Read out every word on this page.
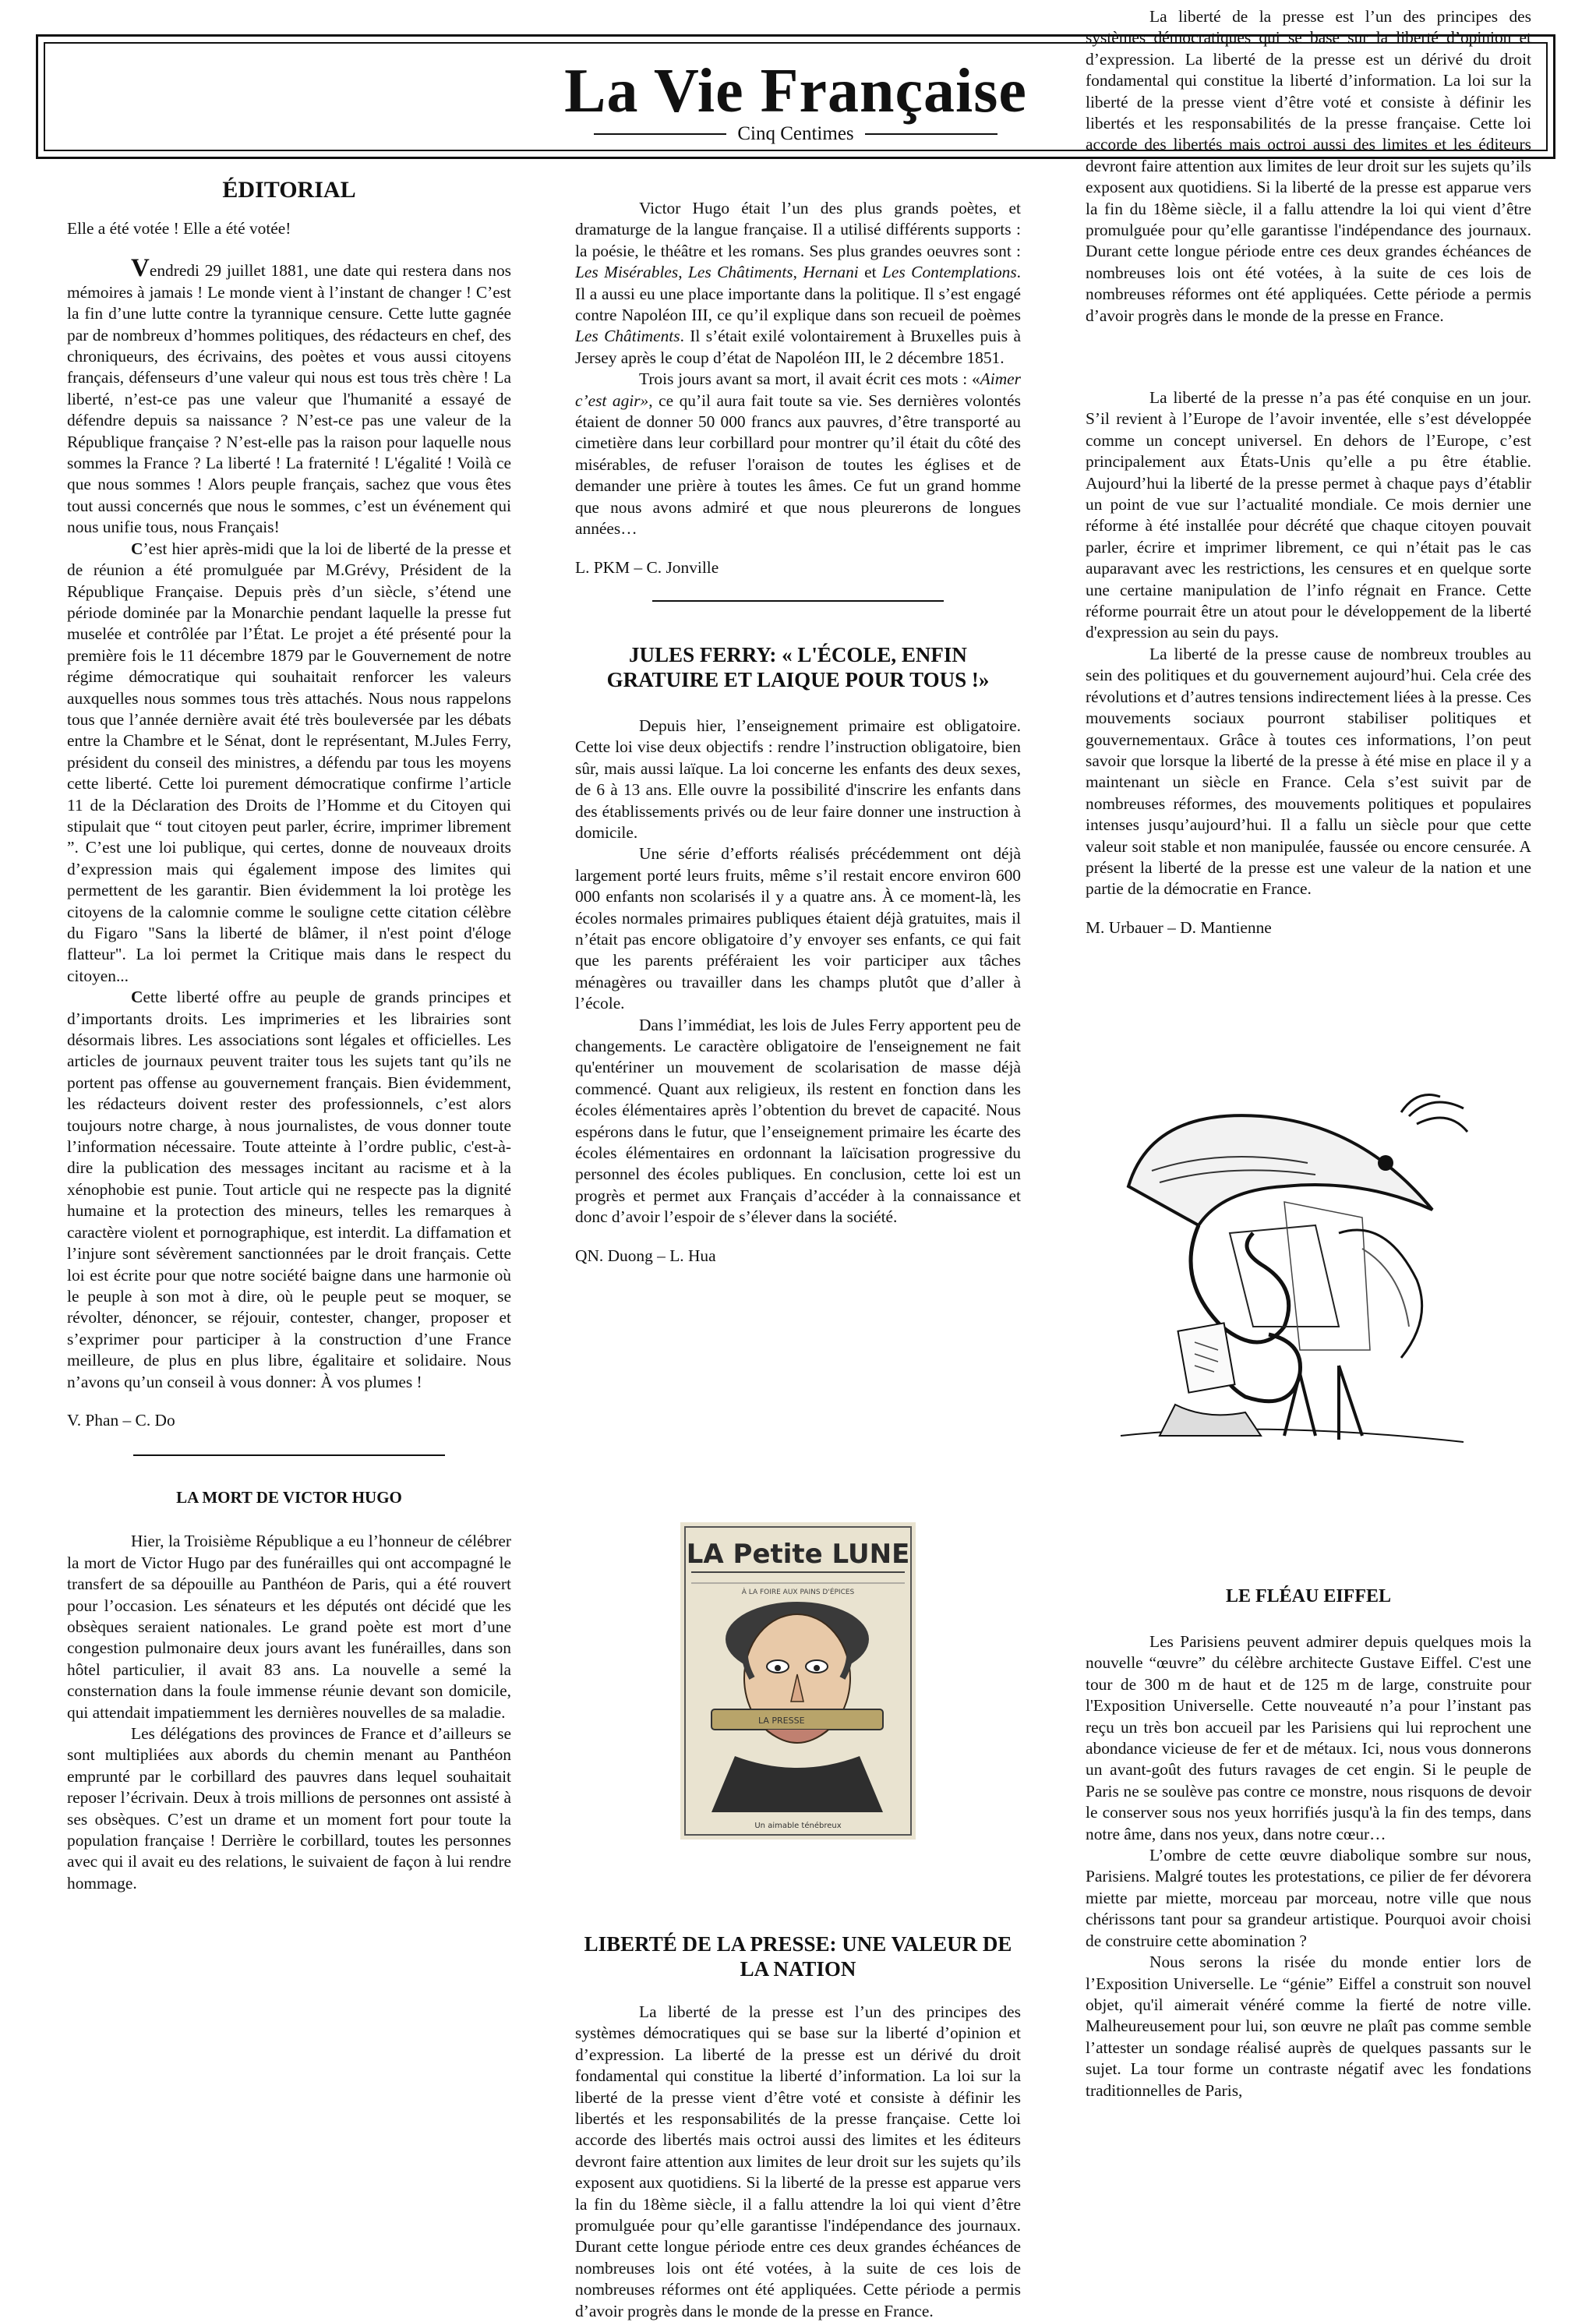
La Vie Française
Cinq Centimes

ÉDITORIAL

Elle a été votée ! Elle a été votée!

Vendredi 29 juillet 1881, une date qui restera dans nos mémoires à jamais ! Le monde vient à l’instant de changer ! C’est la fin d’une lutte contre la tyrannique censure. Cette lutte gagnée par de nombreux d’hommes politiques, des rédacteurs en chef, des chroniqueurs, des écrivains, des poètes et vous aussi citoyens français, défenseurs d’une valeur qui nous est tous très chère ! La liberté, n’est-ce pas une valeur que l'humanité a essayé de défendre depuis sa naissance ? N’est-ce pas une valeur de la République française ? N’est-elle pas la raison pour laquelle nous sommes la France ? La liberté ! La fraternité ! L'égalité ! Voilà ce que nous sommes ! Alors peuple français, sachez que vous êtes tout aussi concernés que nous le sommes, c’est un événement qui nous unifie tous, nous Français!

C’est hier après-midi que la loi de liberté de la presse et de réunion a été promulguée par M.Grévy, Président de la République Française. Depuis près d’un siècle, s’étend une période dominée par la Monarchie pendant laquelle la presse fut muselée et contrôlée par l’État. Le projet a été présenté pour la première fois le 11 décembre 1879 par le Gouvernement de notre régime démocratique qui souhaitait renforcer les valeurs auxquelles nous sommes tous très attachés. Nous nous rappelons tous que l’année dernière avait été très bouleversée par les débats entre la Chambre et le Sénat, dont le représentant, M.Jules Ferry, président du conseil des ministres, a défendu par tous les moyens cette liberté. Cette loi purement démocratique confirme l’article 11 de la Déclaration des Droits de l’Homme et du Citoyen qui stipulait que “ tout citoyen peut parler, écrire, imprimer librement ”. C’est une loi publique, qui certes, donne de nouveaux droits d’expression mais qui également impose des limites qui permettent de les garantir. Bien évidemment la loi protège les citoyens de la calomnie comme le souligne cette citation célèbre du Figaro "Sans la liberté de blâmer, il n'est point d'éloge flatteur". La loi permet la Critique mais dans le respect du citoyen...

Cette liberté offre au peuple de grands principes et d’importants droits. Les imprimeries et les librairies sont désormais libres. Les associations sont légales et officielles. Les articles de journaux peuvent traiter tous les sujets tant qu’ils ne portent pas offense au gouvernement français. Bien évidemment, les rédacteurs doivent rester des professionnels, c’est alors toujours notre charge, à nous journalistes, de vous donner toute l’information nécessaire. Toute atteinte à l’ordre public, c'est-à-dire la publication des messages incitant au racisme et à la xénophobie est punie. Tout article qui ne respecte pas la dignité humaine et la protection des mineurs, telles les remarques à caractère violent et pornographique, est interdit. La diffamation et l’injure sont sévèrement sanctionnées par le droit français. Cette loi est écrite pour que notre société baigne dans une harmonie où le peuple à son mot à dire, où le peuple peut se moquer, se révolter, dénoncer, se réjouir, contester, changer, proposer et s’exprimer pour participer à la construction d’une France meilleure, de plus en plus libre, égalitaire et solidaire. Nous n’avons qu’un conseil à vous donner: À vos plumes !

V. Phan – C. Do

LA MORT DE VICTOR HUGO

Hier, la Troisième République a eu l’honneur de célébrer la mort de Victor Hugo par des funérailles qui ont accompagné le transfert de sa dépouille au Panthéon de Paris, qui a été rouvert pour l’occasion. Les sénateurs et les députés ont décidé que les obsèques seraient nationales. Le grand poète est mort d’une congestion pulmonaire deux jours avant les funérailles, dans son hôtel particulier, il avait 83 ans. La nouvelle a semé la consternation dans la foule immense réunie devant son domicile, qui attendait impatiemment les dernières nouvelles de sa maladie.

Les délégations des provinces de France et d’ailleurs se sont multipliées aux abords du chemin menant au Panthéon emprunté par le corbillard des pauvres dans lequel souhaitait reposer l’écrivain. Deux à trois millions de personnes ont assisté à ses obsèques. C’est un drame et un moment fort pour toute la population française ! Derrière le corbillard, toutes les personnes avec qui il avait eu des relations, le suivaient de façon à lui rendre hommage.

Victor Hugo était l’un des plus grands poètes, et dramaturge de la langue française. Il a utilisé différents supports : la poésie, le théâtre et les romans. Ses plus grandes oeuvres sont : Les Misérables, Les Châtiments, Hernani et Les Contemplations. Il a aussi eu une place importante dans la politique. Il s’est engagé contre Napoléon III, ce qu’il explique dans son recueil de poèmes Les Châtiments. Il s’était exilé volontairement à Bruxelles puis à Jersey après le coup d’état de Napoléon III, le 2 décembre 1851.

Trois jours avant sa mort, il avait écrit ces mots : «Aimer c’est agir», ce qu’il aura fait toute sa vie. Ses dernières volontés étaient de donner 50 000 francs aux pauvres, d’être transporté au cimetière dans leur corbillard pour montrer qu’il était du côté des misérables, de refuser l'oraison de toutes les églises et de demander une prière à toutes les âmes. Ce fut un grand homme que nous avons admiré et que nous pleurerons de longues années…

L. PKM – C. Jonville

JULES FERRY: « L'ÉCOLE, ENFIN GRATUIRE ET LAIQUE POUR TOUS !»

Depuis hier, l’enseignement primaire est obligatoire. Cette loi vise deux objectifs : rendre l’instruction obligatoire, bien sûr, mais aussi laïque. La loi concerne les enfants des deux sexes, de 6 à 13 ans. Elle ouvre la possibilité d'inscrire les enfants dans des établissements privés ou de leur faire donner une instruction à domicile.

Une série d’efforts réalisés précédemment ont déjà largement porté leurs fruits, même s’il restait encore environ 600 000 enfants non scolarisés il y a quatre ans. À ce moment-là, les écoles normales primaires publiques étaient déjà gratuites, mais il n’était pas encore obligatoire d’y envoyer ses enfants, ce qui fait que les parents préféraient les voir participer aux tâches ménagères ou travailler dans les champs plutôt que d’aller à l’école.

Dans l’immédiat, les lois de Jules Ferry apportent peu de changements. Le caractère obligatoire de l'enseignement ne fait qu'entériner un mouvement de scolarisation de masse déjà commencé. Quant aux religieux, ils restent en fonction dans les écoles élémentaires après l’obtention du brevet de capacité. Nous espérons dans le futur, que l’enseignement primaire les écarte des écoles élémentaires en ordonnant la laïcisation progressive du personnel des écoles publiques. En conclusion, cette loi est un progrès et permet aux Français d’accéder à la connaissance et donc d’avoir l’espoir de s’élever dans la société.

QN. Duong – L. Hua

LA Petite LUNE
À LA FOIRE AUX PAINS D'ÉPICES
LA PRESSE
Un aimable ténébreux

LIBERTÉ DE LA PRESSE: UNE VALEUR DE LA NATION

La liberté de la presse est l’un des principes des systèmes démocratiques qui se base sur la liberté d’opinion et d’expression. La liberté de la presse est un dérivé du droit fondamental qui constitue la liberté d’information. La loi sur la liberté de la presse vient d’être voté et consiste à définir les libertés et les responsabilités de la presse française. Cette loi accorde des libertés mais octroi aussi des limites et les éditeurs devront faire attention aux limites de leur droit sur les sujets qu’ils exposent aux quotidiens. Si la liberté de la presse est apparue vers la fin du 18ème siècle, il a fallu attendre la loi qui vient d’être promulguée pour qu’elle garantisse l'indépendance des journaux. Durant cette longue période entre ces deux grandes échéances de nombreuses lois ont été votées, à la suite de ces lois de nombreuses réformes ont été appliquées. Cette période a permis d’avoir progrès dans le monde de la presse en France.

La liberté de la presse est l’un des principes des systèmes démocratiques qui se base sur la liberté d’opinion et d’expression. La liberté de la presse est un dérivé du droit fondamental qui constitue la liberté d’information. La loi sur la liberté de la presse vient d’être voté et consiste à définir les libertés et les responsabilités de la presse française. Cette loi accorde des libertés mais octroi aussi des limites et les éditeurs devront faire attention aux limites de leur droit sur les sujets qu’ils exposent aux quotidiens. Si la liberté de la presse est apparue vers la fin du 18ème siècle, il a fallu attendre la loi qui vient d’être promulguée pour qu’elle garantisse l'indépendance des journaux. Durant cette longue période entre ces deux grandes échéances de nombreuses lois ont été votées, à la suite de ces lois de nombreuses réformes ont été appliquées. Cette période a permis d’avoir progrès dans le monde de la presse en France.

La liberté de la presse n’a pas été conquise en un jour. S’il revient à l’Europe de l’avoir inventée, elle s’est développée comme un concept universel. En dehors de l’Europe, c’est principalement aux États-Unis qu’elle a pu être établie. Aujourd’hui la liberté de la presse permet à chaque pays d’établir un point de vue sur l’actualité mondiale. Ce mois dernier une réforme à été installée pour décrété que chaque citoyen pouvait parler, écrire et imprimer librement, ce qui n’était pas le cas auparavant avec les restrictions, les censures et en quelque sorte une certaine manipulation de l’info régnait en France. Cette réforme pourrait être un atout pour le développement de la liberté d'expression au sein du pays.

La liberté de la presse cause de nombreux troubles au sein des politiques et du gouvernement aujourd’hui. Cela crée des révolutions et d’autres tensions indirectement liées à la presse. Ces mouvements sociaux pourront stabiliser politiques et gouvernementaux. Grâce à toutes ces informations, l’on peut savoir que lorsque la liberté de la presse à été mise en place il y a maintenant un siècle en France. Cela s’est suivit par de nombreuses réformes, des mouvements politiques et populaires intenses jusqu’aujourd’hui. Il a fallu un siècle pour que cette valeur soit stable et non manipulée, faussée ou encore censurée. A présent la liberté de la presse est une valeur de la nation et une partie de la démocratie en France.

M. Urbauer – D. Mantienne

LE FLÉAU EIFFEL

Les Parisiens peuvent admirer depuis quelques mois la nouvelle “œuvre” du célèbre architecte Gustave Eiffel. C'est une tour de 300 m de haut et de 125 m de large, construite pour l'Exposition Universelle. Cette nouveauté n’a pour l’instant pas reçu un très bon accueil par les Parisiens qui lui reprochent une abondance vicieuse de fer et de métaux. Ici, nous vous donnerons un avant-goût des futurs ravages de cet engin. Si le peuple de Paris ne se soulève pas contre ce monstre, nous risquons de devoir le conserver sous nos yeux horrifiés jusqu'à la fin des temps, dans notre âme, dans nos yeux, dans notre cœur…

L’ombre de cette œuvre diabolique sombre sur nous, Parisiens. Malgré toutes les protestations, ce pilier de fer dévorera miette par miette, morceau par morceau, notre ville que nous chérissons tant pour sa grandeur artistique. Pourquoi avoir choisi de construire cette abomination ?

Nous serons la risée du monde entier lors de l’Exposition Universelle. Le “génie” Eiffel a construit son nouvel objet, qu'il aimerait vénéré comme la fierté de notre ville. Malheureusement pour lui, son œuvre ne plaît pas comme semble l’attester un sondage réalisé auprès de quelques passants sur le sujet. La tour forme un contraste négatif avec les fondations traditionnelles de Paris,
